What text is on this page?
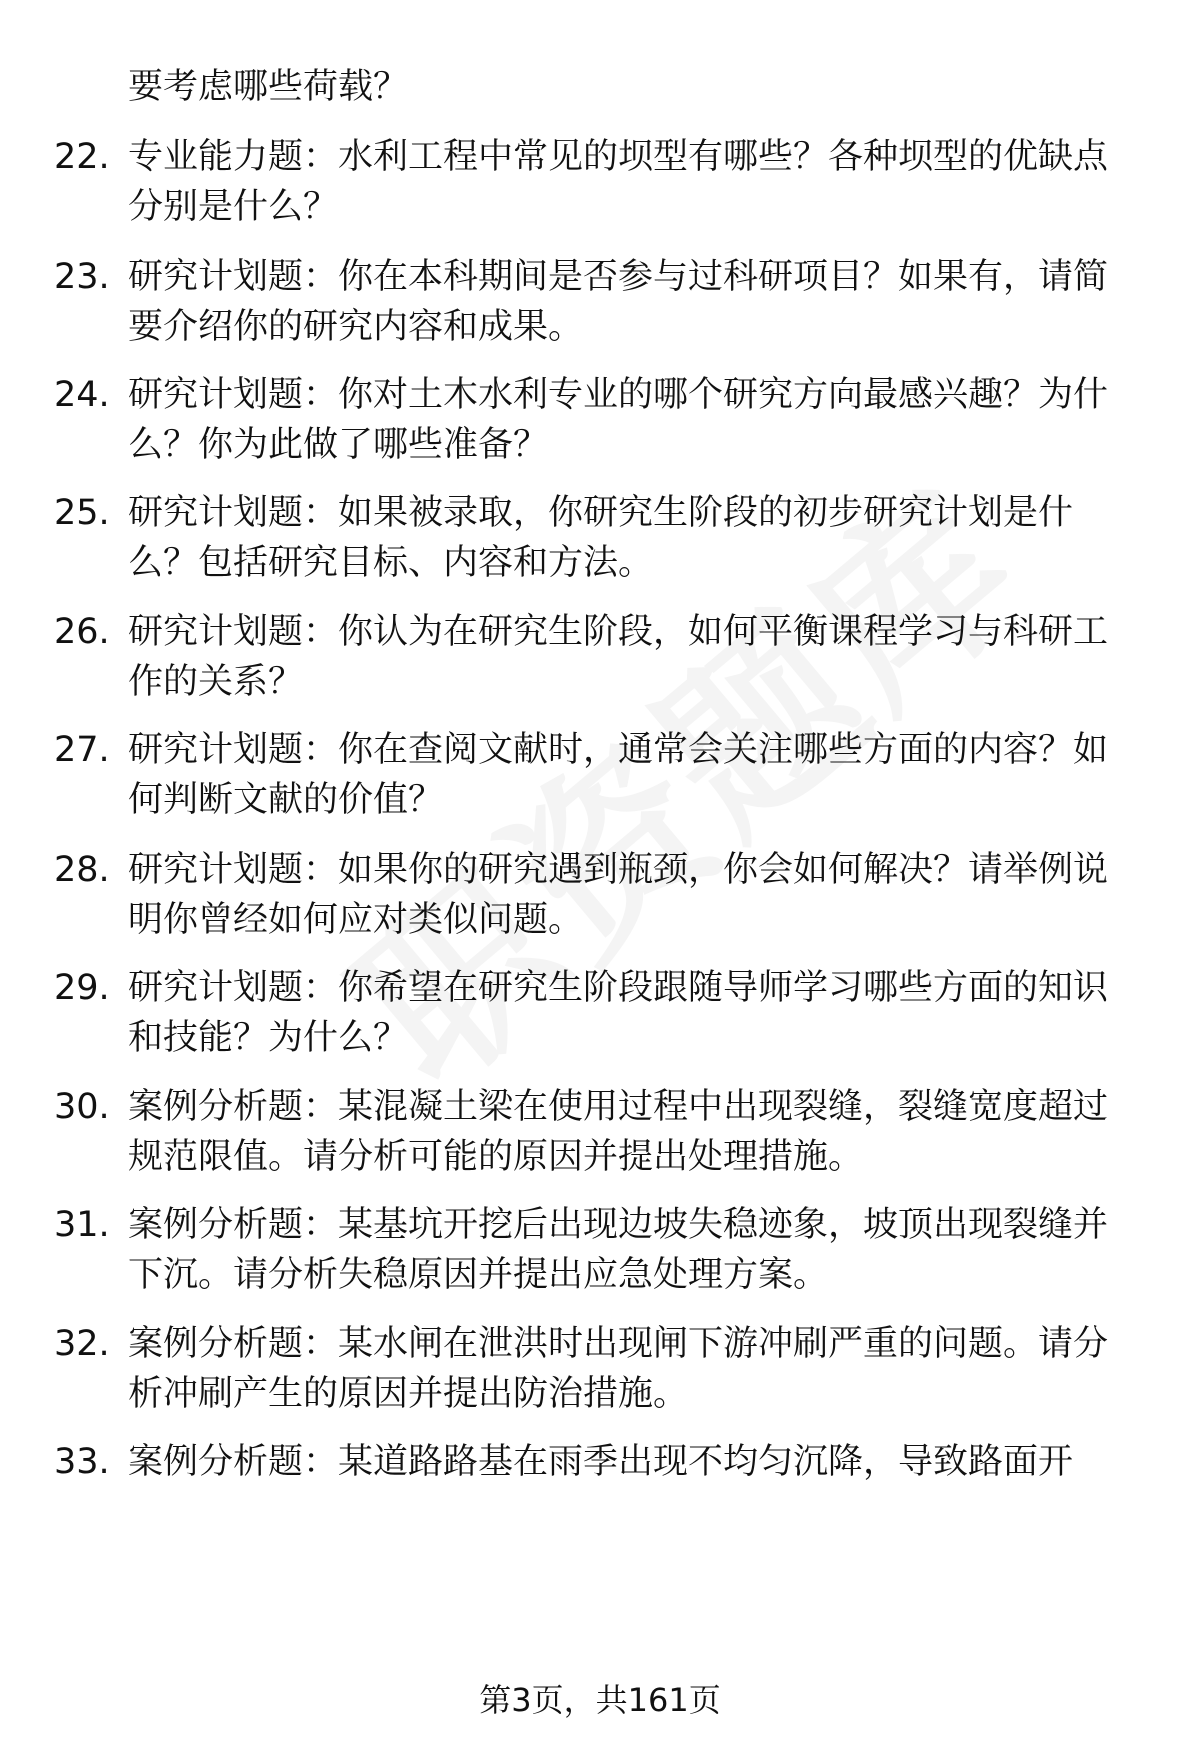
要考虑哪些荷载？
22. 专业能力题：水利工程中常见的坝型有哪些？各种坝型的优缺点分别是什么？
23. 研究计划题：你在本科期间是否参与过科研项目？如果有，请简要介绍你的研究内容和成果。
24. 研究计划题：你对土木水利专业的哪个研究方向最感兴趣？为什么？你为此做了哪些准备？
25. 研究计划题：如果被录取，你研究生阶段的初步研究计划是什么？包括研究目标、内容和方法。
26. 研究计划题：你认为在研究生阶段，如何平衡课程学习与科研工作的关系？
27. 研究计划题：你在查阅文献时，通常会关注哪些方面的内容？如何判断文献的价值？
28. 研究计划题：如果你的研究遇到瓶颈，你会如何解决？请举例说明你曾经如何应对类似问题。
29. 研究计划题：你希望在研究生阶段跟随导师学习哪些方面的知识和技能？为什么？
30. 案例分析题：某混凝土梁在使用过程中出现裂缝，裂缝宽度超过规范限值。请分析可能的原因并提出处理措施。
31. 案例分析题：某基坑开挖后出现边坡失稳迹象，坡顶出现裂缝并下沉。请分析失稳原因并提出应急处理方案。
32. 案例分析题：某水闸在泄洪时出现闸下游冲刷严重的问题。请分析冲刷产生的原因并提出防治措施。
33. 案例分析题：某道路路基在雨季出现不均匀沉降，导致路面开
第3页，共161页
